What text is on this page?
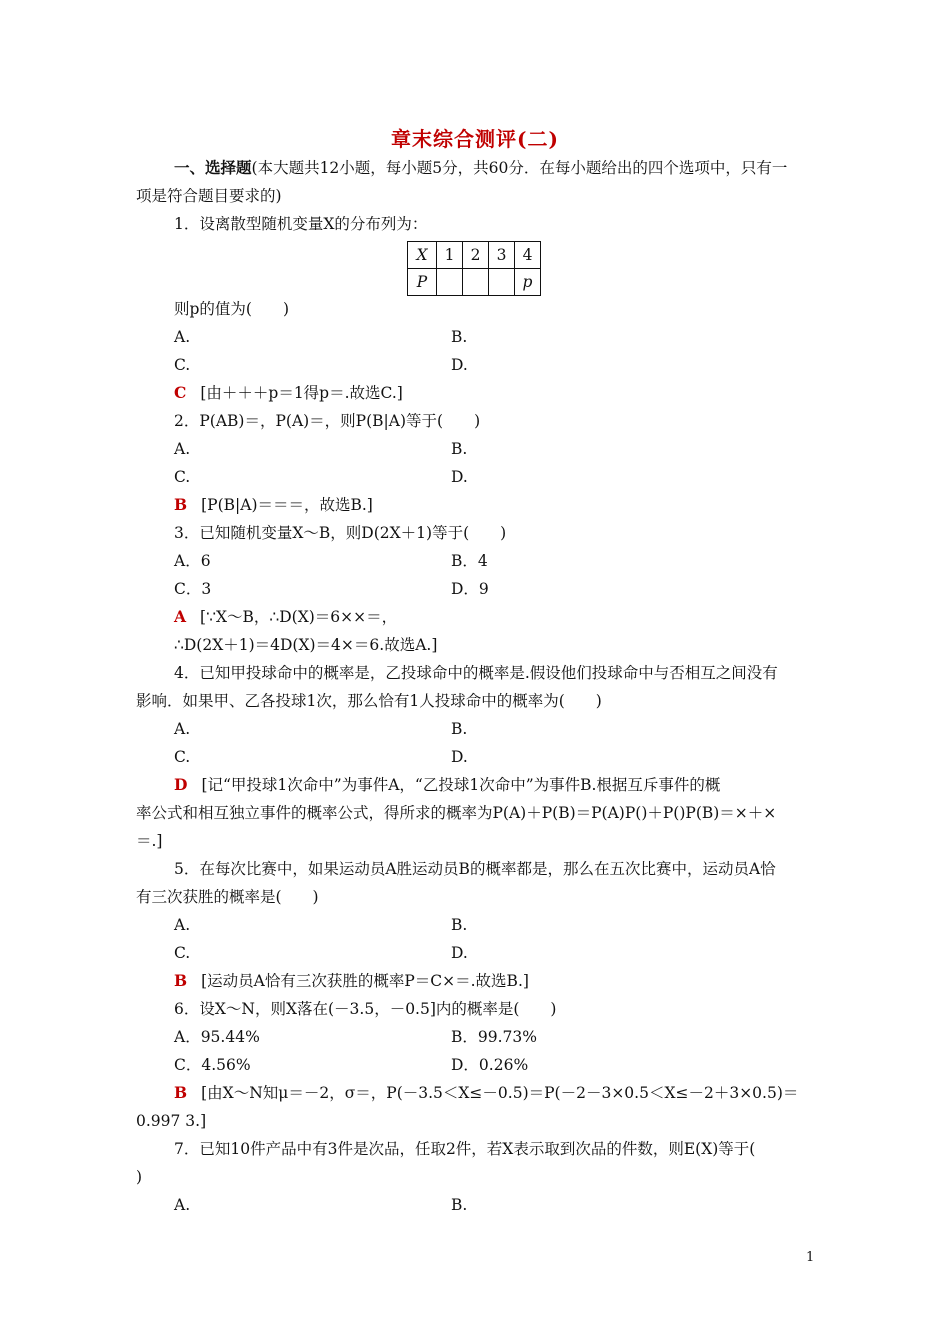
章末综合测评(二)
一、选择题(本大题共12小题，每小题5分，共60分．在每小题给出的四个选项中，只有一
项是符合题目要求的)
1．设离散型随机变量X的分布列为：
X	1	2	3	4
P				p
则p的值为(　　)
A.	B.
C.	D.
C [由＋＋＋p＝1得p＝.故选C.]
2．P(AB)＝，P(A)＝，则P(B|A)等于(　　)
A.	B.
C.	D.
B [P(B|A)＝＝＝，故选B.]
3．已知随机变量X～B，则D(2X＋1)等于(　　)
A．6	B．4
C．3	D．9
A [∵X～B，∴D(X)＝6××＝，
∴D(2X＋1)＝4D(X)＝4×＝6.故选A.]
4．已知甲投球命中的概率是，乙投球命中的概率是.假设他们投球命中与否相互之间没有
影响．如果甲、乙各投球1次，那么恰有1人投球命中的概率为(　　)
A.	B.
C.	D.
D [记“甲投球1次命中”为事件A，“乙投球1次命中”为事件B.根据互斥事件的概
率公式和相互独立事件的概率公式，得所求的概率为P(A)＋P(B)＝P(A)P()＋P()P(B)＝×＋×
＝.]
5．在每次比赛中，如果运动员A胜运动员B的概率都是，那么在五次比赛中，运动员A恰
有三次获胜的概率是(　　)
A.	B.
C.	D.
B [运动员A恰有三次获胜的概率P＝C×＝.故选B.]
6．设X～N，则X落在(－3.5，－0.5]内的概率是(　　)
A．95.44%	B．99.73%
C．4.56%	D．0.26%
B [由X～N知μ＝－2，σ＝，P(－3.5＜X≤－0.5)＝P(－2－3×0.5＜X≤－2＋3×0.5)＝
0.997 3.]
7．已知10件产品中有3件是次品，任取2件，若X表示取到次品的件数，则E(X)等于(
)
A.	B.
1
